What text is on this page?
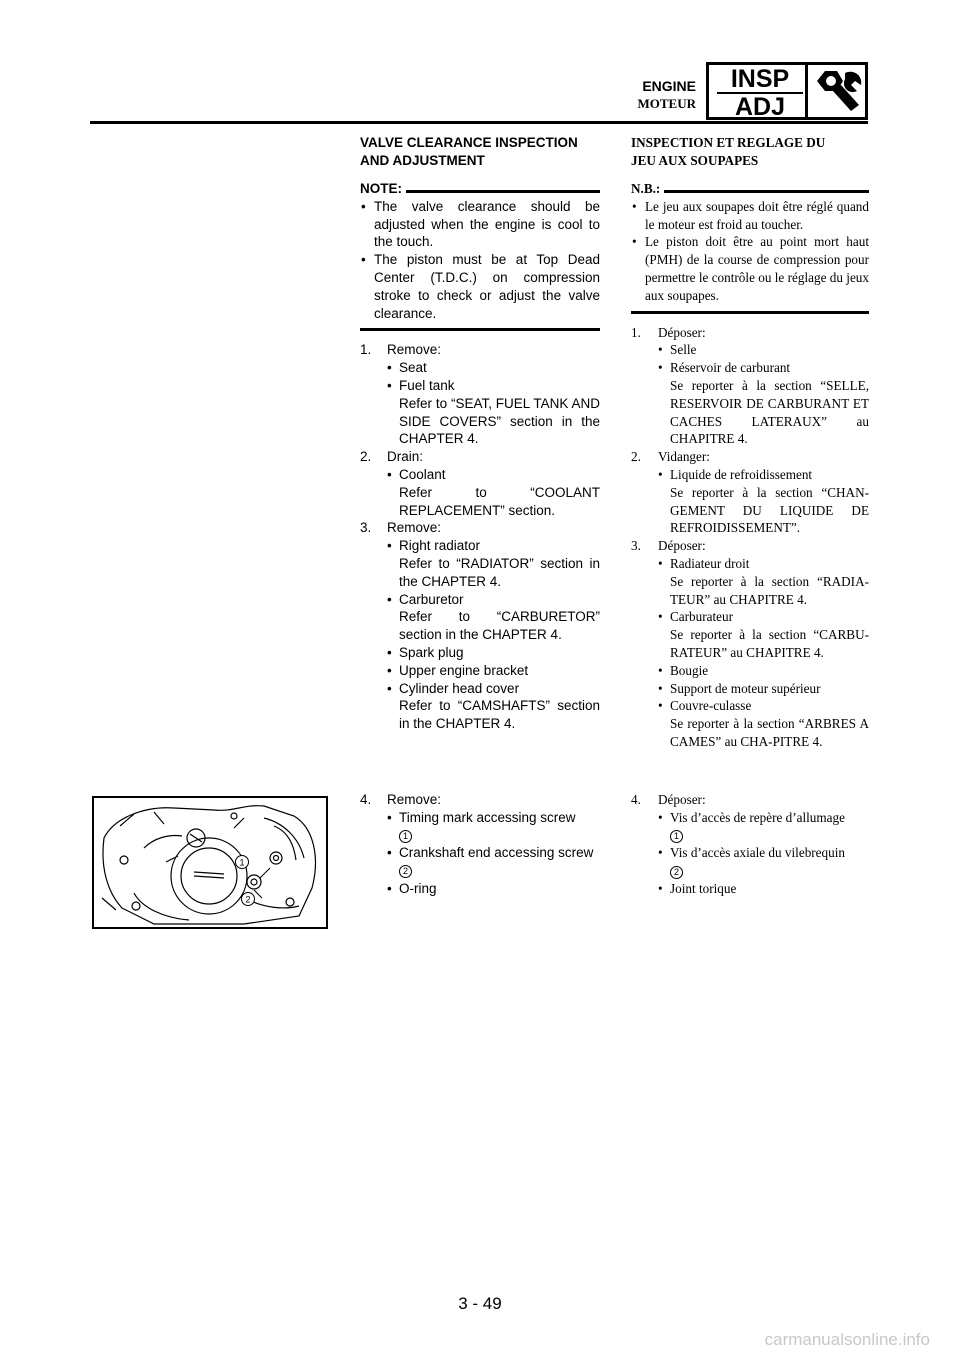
ENGINE
MOTEUR
INSP
ADJ
VALVE CLEARANCE INSPECTION
AND ADJUSTMENT
NOTE:
• The valve clearance should be adjusted when the engine is cool to the touch.
• The piston must be at Top Dead Center (T.D.C.) on compression stroke to check or adjust the valve clearance.
1. Remove:
• Seat
• Fuel tank
Refer to “SEAT, FUEL TANK AND SIDE COVERS” section in the CHAPTER 4.
2. Drain:
• Coolant
Refer to “COOLANT REPLACEMENT” section.
3. Remove:
• Right radiator
Refer to “RADIATOR” section in the CHAPTER 4.
• Carburetor
Refer to “CARBURETOR” section in the CHAPTER 4.
• Spark plug
• Upper engine bracket
• Cylinder head cover
Refer to “CAMSHAFTS” section in the CHAPTER 4.
4. Remove:
• Timing mark accessing screw
1
• Crankshaft end accessing screw 2
• O-ring
INSPECTION ET REGLAGE DU
JEU AUX SOUPAPES
N.B.:
• Le jeu aux soupapes doit être réglé quand le moteur est froid au toucher.
• Le piston doit être au point mort haut (PMH) de la course de compression pour permettre le contrôle ou le réglage du jeux aux soupapes.
1. Déposer:
• Selle
• Réservoir de carburant
Se reporter à la section “SELLE, RESERVOIR DE CARBURANT ET CACHES LATERAUX” au CHAPITRE 4.
2. Vidanger:
• Liquide de refroidissement
Se reporter à la section “CHAN-GEMENT DU LIQUIDE DE REFROIDISSEMENT”.
3. Déposer:
• Radiateur droit
Se reporter à la section “RADIA-TEUR” au CHAPITRE 4.
• Carburateur
Se reporter à la section “CARBU-RATEUR” au CHAPITRE 4.
• Bougie
• Support de moteur supérieur
• Couvre-culasse
Se reporter à la section “ARBRES A CAMES” au CHA-PITRE 4.
4. Déposer:
• Vis d’accès de repère d’allumage
1
• Vis d’accès axiale du vilebrequin
2
• Joint torique
1
2
3 - 49
carmanualsonline.info
